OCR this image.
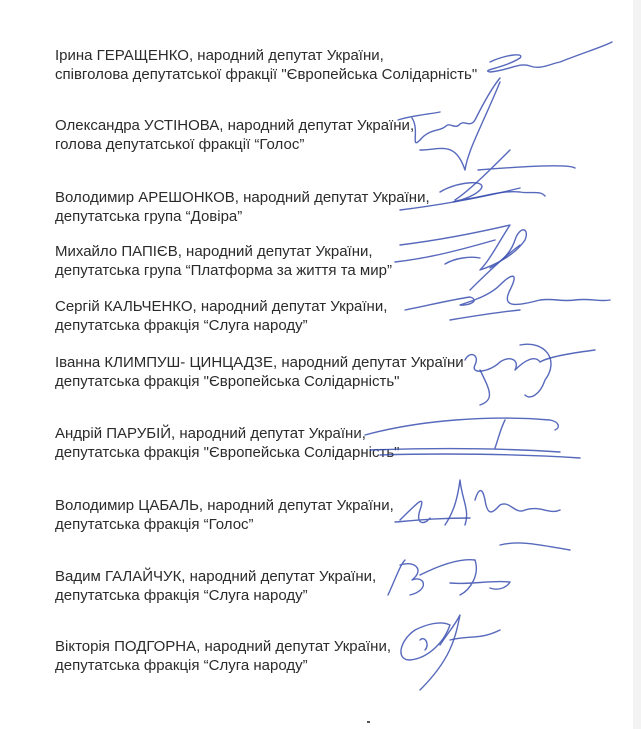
Ірина ГЕРАЩЕНКО, народний депутат України,
співголова депутатської фракції "Європейська Солідарність"
Олександра УСТІНОВА, народний депутат України,
голова депутатської фракції “Голос”
Володимир АРЕШОНКОВ, народний депутат України,
депутатська група “Довіра”
Михайло ПАПІЄВ, народний депутат України,
депутатська група “Платформа за життя та мир”
Сергій КАЛЬЧЕНКО, народний депутат України,
депутатська фракція “Слуга народу”
Іванна КЛИМПУШ- ЦИНЦАДЗЕ, народний депутат України
депутатська фракція "Європейська Солідарність"
Андрій ПАРУБІЙ, народний депутат України,
депутатська фракція "Європейська Солідарність"
Володимир ЦАБАЛЬ, народний депутат України,
депутатська фракція “Голос”
Вадим ГАЛАЙЧУК, народний депутат України,
депутатська фракція “Слуга народу”
Вікторія ПОДГОРНА, народний депутат України,
депутатська фракція “Слуга народу”
